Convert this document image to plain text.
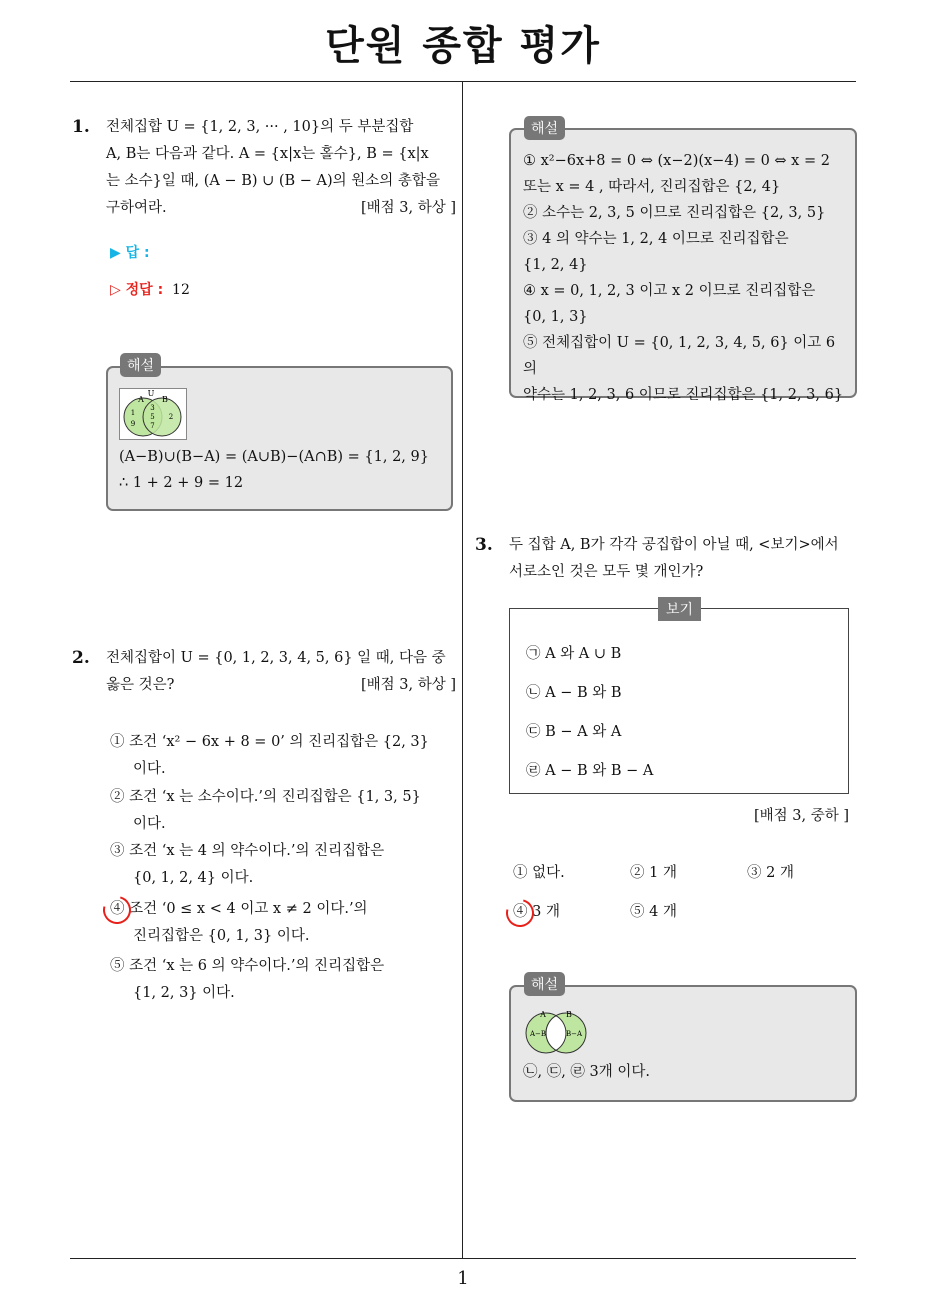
단원 종합 평가
1. 전체집합 U = {1, 2, 3, ··· , 10}의 두 부분집합
A, B는 다음과 같다. A = {x|x는 홀수}, B = {x|x
는 소수}일 때, (A − B) ∪ (B − A)의 원소의 총합을
구하여라.	[배점 3, 하상 ]
▶ 답 :
▷ 정답 : 12
U
A B
1
9
3
5
7
2
(A−B)∪(B−A) = (A∪B)−(A∩B) = {1, 2, 9}
∴ 1 + 2 + 9 = 12
해설
2. 전체집합이 U = {0, 1, 2, 3, 4, 5, 6} 일 때, 다음 중
옳은 것은?	[배점 3, 하상 ]
① 조건 ‘x² − 6x + 8 = 0’ 의 진리집합은 {2, 3}
이다.
② 조건 ‘x 는 소수이다.’의 진리집합은 {1, 3, 5}
이다.
③ 조건 ‘x 는 4 의 약수이다.’의 진리집합은
{0, 1, 2, 4} 이다.
④ 조건 ‘0 ≤ x < 4 이고 x ≠ 2 이다.’의
진리집합은 {0, 1, 3} 이다.
⑤ 조건 ‘x 는 6 의 약수이다.’의 진리집합은
{1, 2, 3} 이다.
① x²−6x+8 = 0 ⇔ (x−2)(x−4) = 0 ⇔ x = 2
또는 x = 4 , 따라서, 진리집합은 {2, 4}
② 소수는 2, 3, 5 이므로 진리집합은 {2, 3, 5}
③ 4 의 약수는 1, 2, 4 이므로 진리집합은
{1, 2, 4}
④ x = 0, 1, 2, 3 이고 x 2 이므로 진리집합은
{0, 1, 3}
⑤ 전체집합이 U = {0, 1, 2, 3, 4, 5, 6} 이고 6 의
약수는 1, 2, 3, 6 이므로 진리집합은 {1, 2, 3, 6}
해설
3. 두 집합 A, B가 각각 공집합이 아닐 때, <보기>에서
서로소인 것은 모두 몇 개인가?
㉠ A 와 A ∪ B
㉡ A − B 와 B
㉢ B − A 와 A
㉣ A − B 와 B − A
보기
[배점 3, 중하 ]
① 없다.	② 1 개	③ 2 개
④ 3 개	⑤ 4 개
A	B
A−B	B−A
㉡, ㉢, ㉣ 3개 이다.
해설
1
